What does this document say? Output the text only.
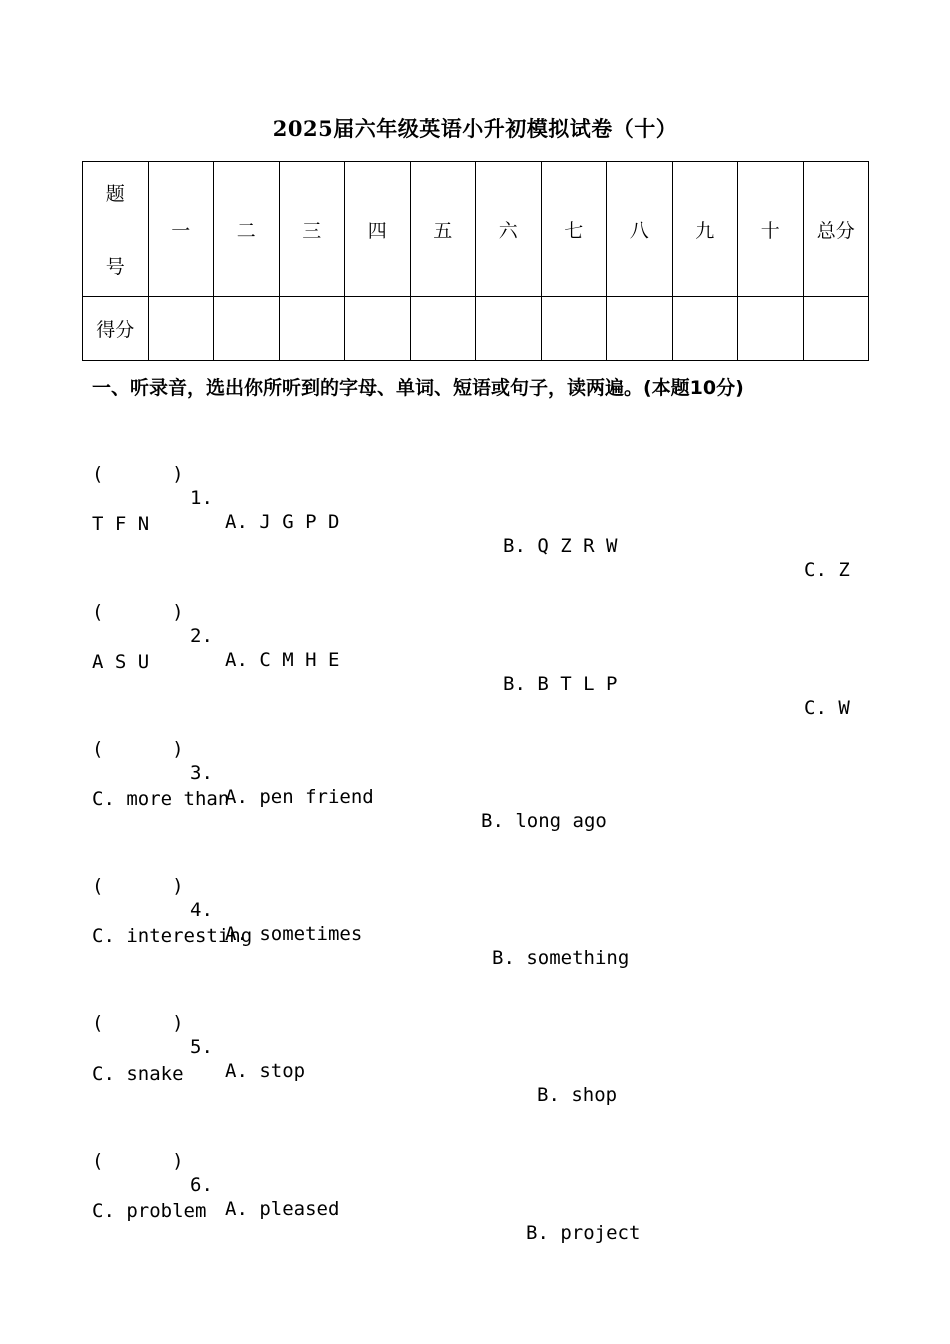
2025届六年级英语小升初模拟试卷（十）
题
号	一	二	三	四	五	六	七	八	九	十	总分
得分											
一、听录音，选出你所听到的字母、单词、短语或句子，读两遍。(本题10分)

(      )

1.

A. J G P D

B. Q Z R W

C. Z

T F N

(      )

2.

A. C M H E

B. B T L P

C. W

A S U

(      )

3.

A. pen friend

B. long ago

C. more than

(      )

4.

A. sometimes

B. something

C. interesting

(      )

5.

A. stop

B. shop

C. snake

(      )

6.

A. pleased

B. project

C. problem
